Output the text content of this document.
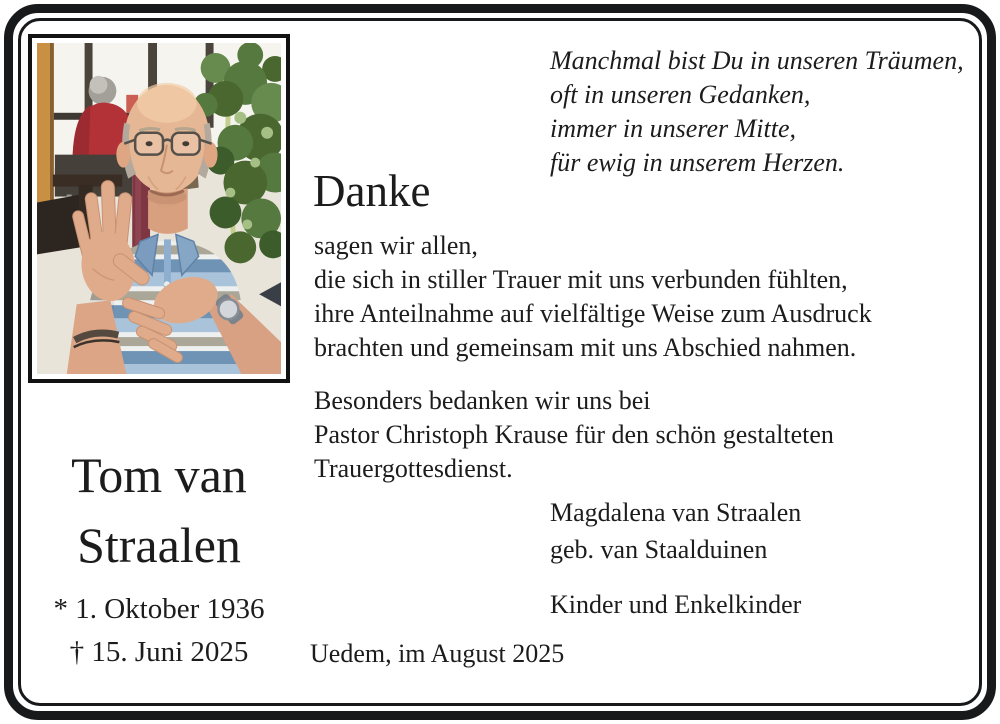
Tom van
Straalen
* 1. Oktober 1936
† 15. Juni 2025
Manchmal bist Du in unseren Träumen,
oft in unseren Gedanken,
immer in unserer Mitte,
für ewig in unserem Herzen.
Danke
sagen wir allen,
die sich in stiller Trauer mit uns verbunden fühlten,
ihre Anteilnahme auf vielfältige Weise zum Ausdruck
brachten und gemeinsam mit uns Abschied nahmen.
Besonders bedanken wir uns bei
Pastor Christoph Krause für den schön gestalteten
Trauergottesdienst.
Magdalena van Straalen
geb. van Staalduinen
Kinder und Enkelkinder
Uedem, im August 2025
